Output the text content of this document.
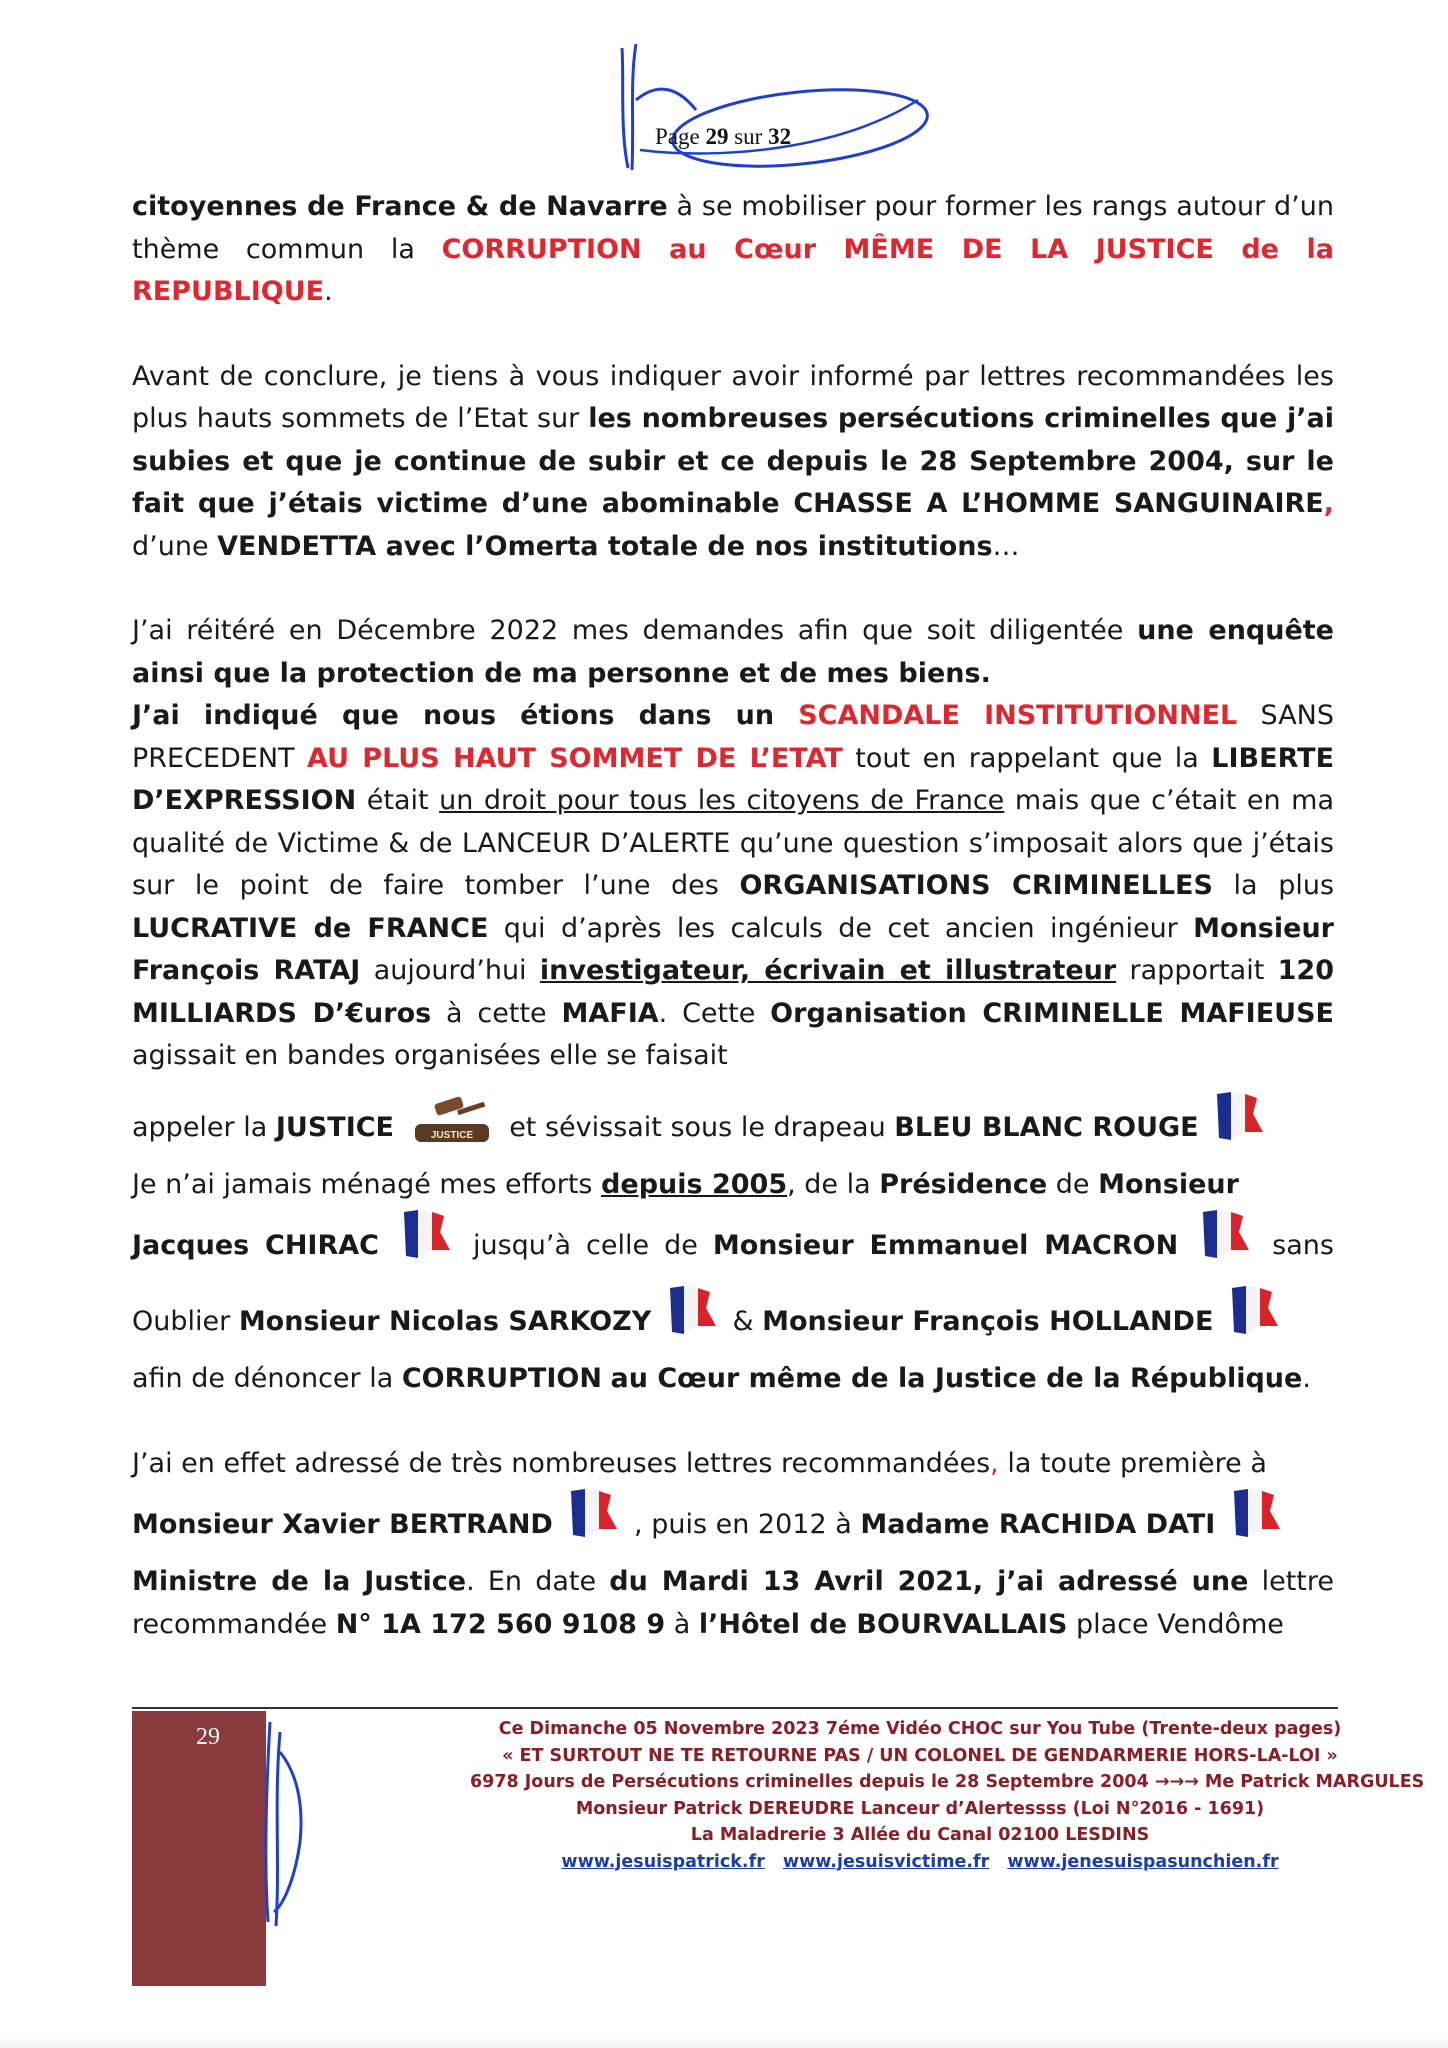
Page 29 sur 32

citoyennes de France & de Navarre à se mobiliser pour former les rangs autour d’un thème commun la CORRUPTION au Cœur MÊME DE LA JUSTICE de la REPUBLIQUE.

Avant de conclure, je tiens à vous indiquer avoir informé par lettres recommandées les plus hauts sommets de l’Etat sur les nombreuses persécutions criminelles que j’ai subies et que je continue de subir et ce depuis le 28 Septembre 2004, sur le fait que j’étais victime d’une abominable CHASSE A L’HOMME SANGUINAIRE, d’une VENDETTA avec l’Omerta totale de nos institutions…

J’ai réitéré en Décembre 2022 mes demandes afin que soit diligentée une enquête ainsi que la protection de ma personne et de mes biens.

J’ai indiqué que nous étions dans un SCANDALE INSTITUTIONNEL SANS PRECEDENT AU PLUS HAUT SOMMET DE L’ETAT tout en rappelant que la LIBERTE D’EXPRESSION était un droit pour tous les citoyens de France mais que c’était en ma qualité de Victime & de LANCEUR D’ALERTE qu’une question s’imposait alors que j’étais sur le point de faire tomber l’une des ORGANISATIONS CRIMINELLES la plus LUCRATIVE de FRANCE qui d’après les calculs de cet ancien ingénieur Monsieur François RATAJ aujourd’hui investigateur, écrivain et illustrateur rapportait 120 MILLIARDS D’€uros à cette MAFIA. Cette Organisation CRIMINELLE MAFIEUSE agissait en bandes organisées elle se faisait

appeler la JUSTICE	JUSTICE et sévissait sous le drapeau BLEU BLANC ROUGE
Je n’ai jamais ménagé mes efforts depuis 2005, de la Présidence de Monsieur
Jacques CHIRAC	jusqu’à celle de Monsieur Emmanuel MACRON	sans Oublier Monsieur Nicolas SARKOZY	& Monsieur François HOLLANDE
afin de dénoncer la CORRUPTION au Cœur même de la Justice de la République.
J’ai en effet adressé de très nombreuses lettres recommandées, la toute première à
Monsieur Xavier BERTRAND	, puis en 2012 à Madame RACHIDA DATI
Ministre de la Justice. En date du Mardi 13 Avril 2021, j’ai adressé une lettre recommandée N° 1A 172 560 9108 9 à l’Hôtel de BOURVALLAIS place Vendôme
29	Ce Dimanche 05 Novembre 2023 7éme Vidéo CHOC sur You Tube (Trente-deux pages)
« ET SURTOUT NE TE RETOURNE PAS / UN COLONEL DE GENDARMERIE HORS-LA-LOI »
6978 Jours de Persécutions criminelles depuis le 28 Septembre 2004 →→→ Me Patrick MARGULES
Monsieur Patrick DEREUDRE Lanceur d’Alertessss (Loi N°2016 - 1691)
La Maladrerie 3 Allée du Canal 02100 LESDINS
www.jesuispatrick.fr www.jesuisvictime.fr www.jenesuispasunchien.fr
